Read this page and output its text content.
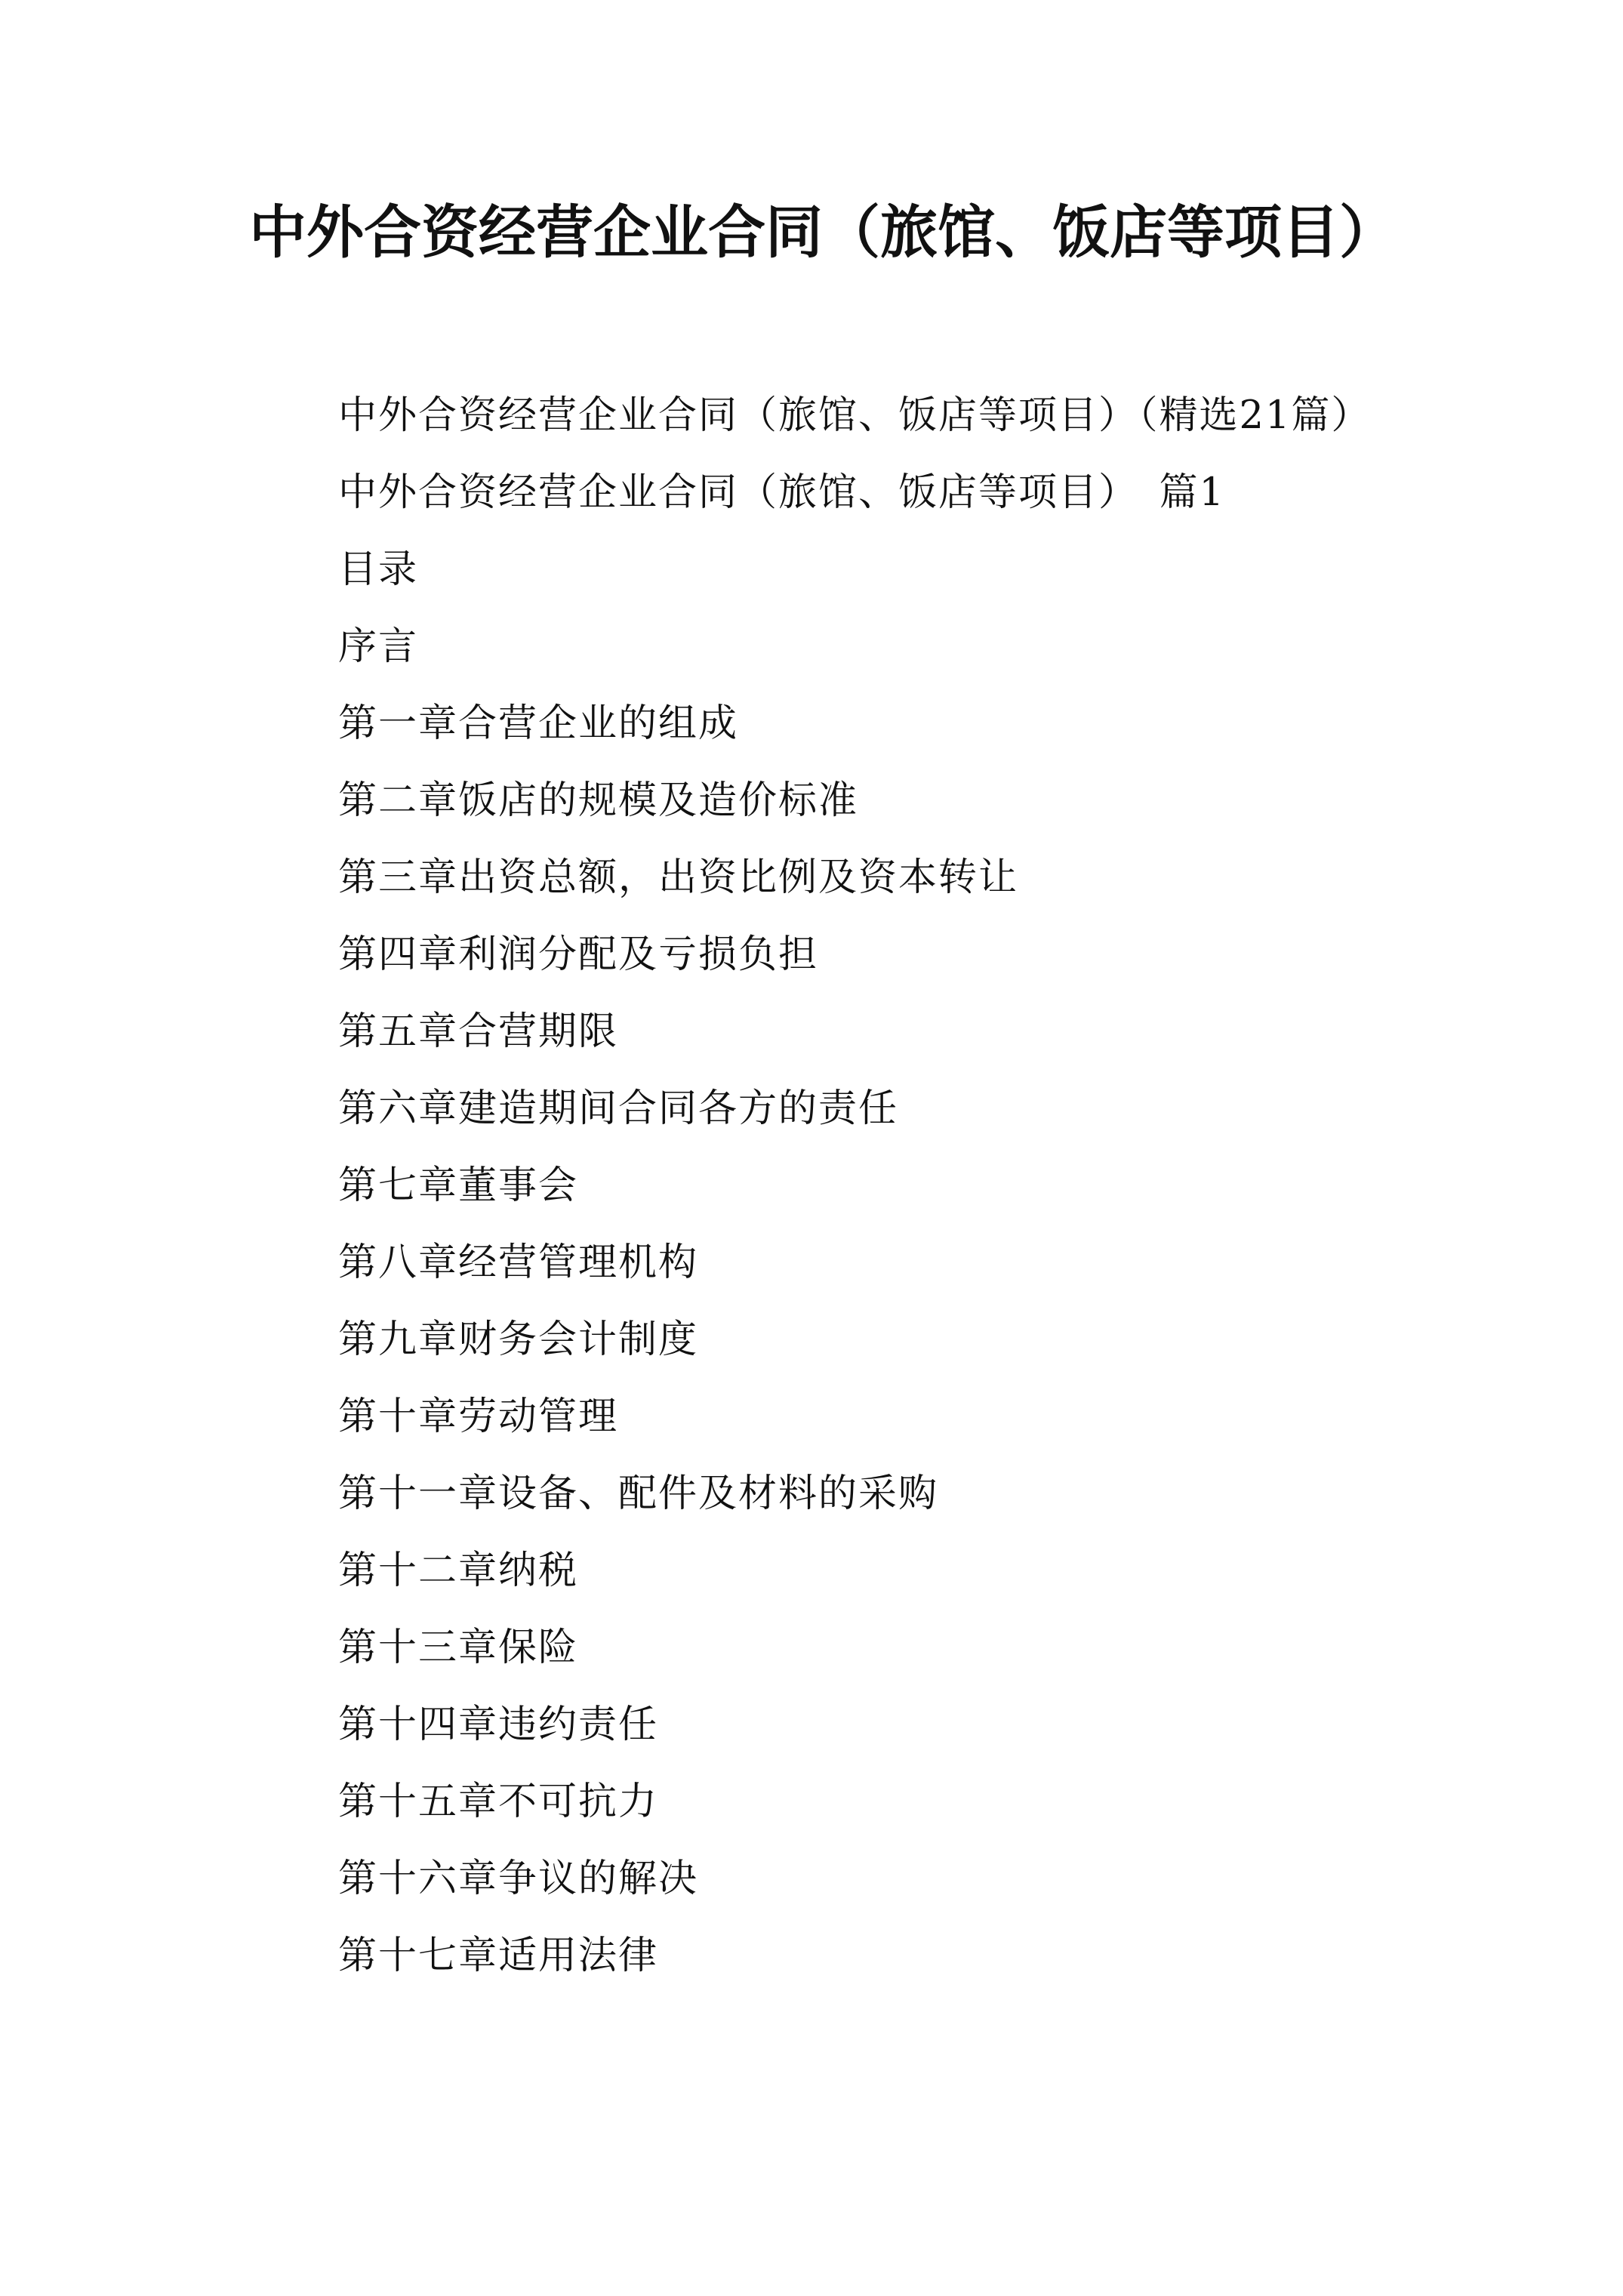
中外合资经营企业合同（旅馆、饭店等项目）

中外合资经营企业合同（旅馆、饭店等项目）（精选21篇）

中外合资经营企业合同（旅馆、饭店等项目）　篇1

目录

序言
第一章合营企业的组成
第二章饭店的规模及造价标准
第三章出资总额，出资比例及资本转让
第四章利润分配及亏损负担
第五章合营期限
第六章建造期间合同各方的责任
第七章董事会
第八章经营管理机构
第九章财务会计制度
第十章劳动管理
第十一章设备、配件及材料的采购
第十二章纳税
第十三章保险
第十四章违约责任
第十五章不可抗力
第十六章争议的解决
第十七章适用法律
